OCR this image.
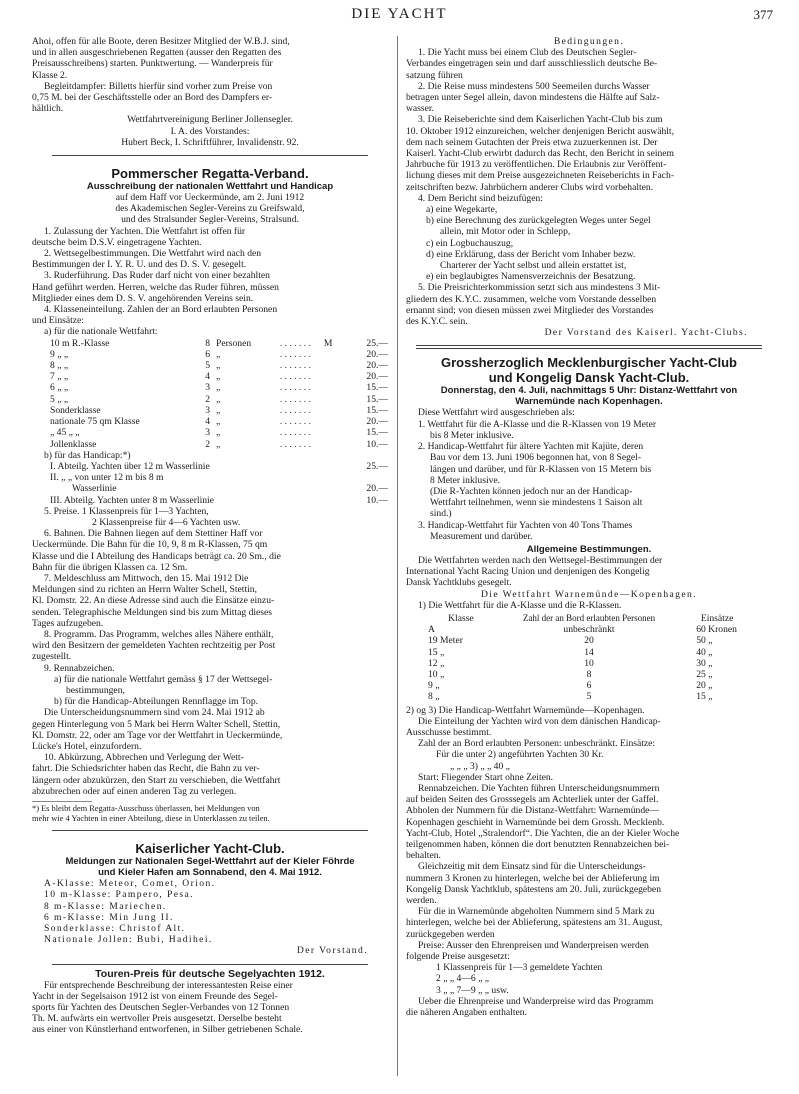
DIE YACHT	377

Ahoi, offen für alle Boote, deren Besitzer Mitglied der W.B.J. sind,

und in allen ausgeschriebenen Regatten (ausser den Regatten des

Preisausschreibens) starten. Punktwertung. — Wanderpreis für

Klasse 2.

Begleitdampfer: Billetts hierfür sind vorher zum Preise von

0,75 M. bei der Geschäftsstelle oder an Bord des Dampfers er-

hältlich.

Wettfahrtvereinigung Berliner Jollensegler.

I. A. des Vorstandes:

Hubert Beck, I. Schriftführer, Invalidenstr. 92.

Pommerscher Regatta-Verband.

Ausschreibung der nationalen Wettfahrt und Handicap

auf dem Haff vor Ueckermünde, am 2. Juni 1912

des Akademischen Segler-Vereins zu Greifswald,

und des Stralsunder Segler-Vereins, Stralsund.

1. Zulassung der Yachten. Die Wettfahrt ist offen für

deutsche beim D.S.V. eingetragene Yachten.

2. Wettsegelbestimmungen. Die Wettfahrt wird nach den

Bestimmungen der I. Y. R. U. und des D. S. V. gesegelt.

3. Ruderführung. Das Ruder darf nicht von einer bezahlten

Hand geführt werden. Herren, welche das Ruder führen, müssen

Mitglieder eines dem D. S. V. angehörenden Vereins sein.

4. Klasseneinteilung. Zahlen der an Bord erlaubten Personen

und Einsätze:

a) für die nationale Wettfahrt:

10 m R.-Klasse	8	Personen	. . . . . . .	M	25.—
9 „ „	6	„	. . . . . . .		20.—
8 „ „	5	„	. . . . . . .		20.—
7 „ „	4	„	. . . . . . .		20.—
6 „ „	3	„	. . . . . . .		15.—
5 „ „	2	„	. . . . . . .		15.—
Sonderklasse	3	„	. . . . . . .		15.—
nationale 75 qm Klasse	4	„	. . . . . . .		20.—
„ 45 „ „	3	„	. . . . . . .		15.—
Jollenklasse	2	„	. . . . . . .		10.—

b) für das Handicap:*)

I. Abteilg. Yachten über 12 m Wasserlinie	25.—
II. „ „ von unter 12 m bis 8 m	
Wasserlinie	20.—
III. Abteilg. Yachten unter 8 m Wasserlinie	10.—

5. Preise. 1 Klassenpreis für 1—3 Yachten,

2 Klassenpreise für 4—6 Yachten usw.

6. Bahnen. Die Bahnen liegen auf dem Stettiner Haff vor

Ueckermünde. Die Bahn für die 10, 9, 8 m R-Klassen, 75 qm

Klasse und die I Abteilung des Handicaps beträgt ca. 20 Sm., die

Bahn für die übrigen Klassen ca. 12 Sm.

7. Meldeschluss am Mittwoch, den 15. Mai 1912 Die

Meldungen sind zu richten an Herrn Walter Schell, Stettin,

Kl. Domstr. 22. An diese Adresse sind auch die Einsätze einzu-

senden. Telegraphische Meldungen sind bis zum Mittag dieses

Tages aufzugeben.

8. Programm. Das Programm, welches alles Nähere enthält,

wird den Besitzern der gemeldeten Yachten rechtzeitig per Post

zugestellt.

9. Rennabzeichen.

a) für die nationale Wettfahrt gemäss § 17 der Wettsegel-

bestimmungen,

b) für die Handicap-Abteilungen Rennflagge im Top.

Die Unterscheidungsnummern sind vom 24. Mai 1912 ab

gegen Hinterlegung von 5 Mark bei Herrn Walter Schell, Stettin,

Kl. Domstr. 22, oder am Tage vor der Wettfahrt in Ueckermünde,

Lücke's Hotel, einzufordern.

10. Abkürzung, Abbrechen und Verlegung der Wett-

fahrt. Die Schiedsrichter haben das Recht, die Bahn zu ver-

längern oder abzukürzen, den Start zu verschieben, die Wettfahrt

abzubrechen oder auf einen anderen Tag zu verlegen.

*) Es bleibt dem Regatta-Ausschuss überlassen, bei Meldungen von

mehr wie 4 Yachten in einer Abteilung, diese in Unterklassen zu teilen.

Kaiserlicher Yacht-Club.

Meldungen zur Nationalen Segel-Wettfahrt auf der Kieler Föhrde

und Kieler Hafen am Sonnabend, den 4. Mai 1912.

A-Klasse: Meteor, Comet, Orion.

10 m-Klasse: Pampero, Pesa.

8 m-Klasse: Mariechen.

6 m-Klasse: Min Jung II.

Sonderklasse: Christof Alt.

Nationale Jollen: Bubi, Hadihei.

Der Vorstand.

Touren-Preis für deutsche Segelyachten 1912.

Für entsprechende Beschreibung der interessantesten Reise einer

Yacht in der Segelsaison 1912 ist von einem Freunde des Segel-

sports für Yachten des Deutschen Segler-Verbandes von 12 Tonnen

Th. M. aufwärts ein wertvoller Preis ausgesetzt. Derselbe besteht

aus einer von Künstlerhand entworfenen, in Silber getriebenen Schale.

Bedingungen.

1. Die Yacht muss bei einem Club des Deutschen Segler-

Verbandes eingetragen sein und darf ausschliesslich deutsche Be-

satzung führen

2. Die Reise muss mindestens 500 Seemeilen durchs Wasser

betragen unter Segel allein, davon mindestens die Hälfte auf Salz-

wasser.

3. Die Reiseberichte sind dem Kaiserlichen Yacht-Club bis zum

10. Oktober 1912 einzureichen, welcher denjenigen Bericht auswählt,

dem nach seinem Gutachten der Preis etwa zuzuerkennen ist. Der

Kaiserl. Yacht-Club erwirbt dadurch das Recht, den Bericht in seinem

Jahrbuche für 1913 zu veröffentlichen. Die Erlaubnis zur Veröffent-

lichung dieses mit dem Preise ausgezeichneten Reiseberichts in Fach-

zeitschriften bezw. Jahrbüchern anderer Clubs wird vorbehalten.

4. Dem Bericht sind beizufügen:

a) eine Wegekarte,

b) eine Berechnung des zurückgelegten Weges unter Segel

allein, mit Motor oder in Schlepp,

c) ein Logbuchauszug,

d) eine Erklärung, dass der Bericht vom Inhaber bezw.

Charterer der Yacht selbst und allein erstattet ist,

e) ein beglaubigtes Namensverzeichnis der Besatzung.

5. Die Preisrichterkommission setzt sich aus mindestens 3 Mit-

gliedern des K.Y.C. zusammen, welche vom Vorstande desselben

ernannt sind; von diesen müssen zwei Mitglieder des Vorstandes

des K.Y.C. sein.

Der Vorstand des Kaiserl. Yacht-Clubs.

Grossherzoglich Mecklenburgischer Yacht-Club

und Kongelig Dansk Yacht-Club.

Donnerstag, den 4. Juli, nachmittags 5 Uhr: Distanz-Wettfahrt von

Warnemünde nach Kopenhagen.

Diese Wettfahrt wird ausgeschrieben als:

1. Wettfahrt für die A-Klasse und die R-Klassen von 19 Meter

bis 8 Meter inklusive.

2. Handicap-Wettfahrt für ältere Yachten mit Kajüte, deren

Bau vor dem 13. Juni 1906 begonnen hat, von 8 Segel-

längen und darüber, und für R-Klassen von 15 Metern bis

8 Meter inklusive.

(Die R-Yachten können jedoch nur an der Handicap-

Wettfahrt teilnehmen, wenn sie mindestens 1 Saison alt

sind.)

3. Handicap-Wettfahrt für Yachten von 40 Tons Thames

Measurement und darüber.

Allgemeine Bestimmungen.

Die Wettfahrten werden nach den Wettsegel-Bestimmungen der

International Yacht Racing Union und denjenigen des Kongelig

Dansk Yachtklubs gesegelt.

Die Wettfahrt Warnemünde—Kopenhagen.

1) Die Wettfahrt für die A-Klasse und die R-Klassen.

Klasse	Zahl der an Bord erlaubten Personen	Einsätze
A	unbeschränkt	60 Kronen
19 Meter	20	50 „
15 „	14	40 „
12 „	10	30 „
10 „	8	25 „
9 „	6	20 „
8 „	5	15 „

2) og 3) Die Handicap-Wettfahrt Warnemünde—Kopenhagen.

Die Einteilung der Yachten wird von dem dänischen Handicap-

Ausschusse bestimmt.

Zahl der an Bord erlaubten Personen: unbeschränkt. Einsätze:

Für die unter 2) angeführten Yachten 30 Kr.

„ „ „ 3) „ „ 40 „

Start: Fliegender Start ohne Zeiten.

Rennabzeichen. Die Yachten führen Unterscheidungsnummern

auf beiden Seiten des Grosssegels am Achterliek unter der Gaffel.

Abholen der Nummern für die Distanz-Wettfahrt: Warnemünde—

Kopenhagen geschieht in Warnemünde bei dem Grossh. Mecklenb.

Yacht-Club, Hotel „Stralendorf“. Die Yachten, die an der Kieler Woche

teilgenommen haben, können die dort benutzten Rennabzeichen bei-

behalten.

Gleichzeitig mit dem Einsatz sind für die Unterscheidungs-

nummern 3 Kronen zu hinterlegen, welche bei der Ablieferung im

Kongelig Dansk Yachtklub, spätestens am 20. Juli, zurückgegeben

werden.

Für die in Warnemünde abgeholten Nummern sind 5 Mark zu

hinterlegen, welche bei der Ablieferung, spätestens am 31. August,

zurückgegeben werden

Preise: Ausser den Ehrenpreisen und Wanderpreisen werden

folgende Preise ausgesetzt:

1 Klassenpreis für 1—3 gemeldete Yachten

2 „ „ 4—6 „ „

3 „ „ 7—9 „ „ usw.

Ueber die Ehrenpreise und Wanderpreise wird das Programm

die näheren Angaben enthalten.
